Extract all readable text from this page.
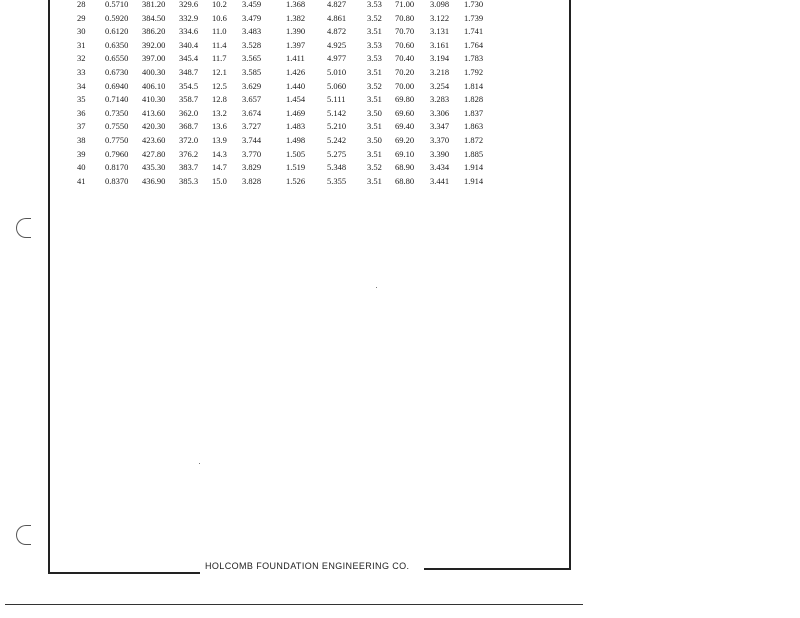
28	0.5710	381.20	329.6	10.2	3.459	1.368	4.827	3.53	71.00	3.098	1.730
29	0.5920	384.50	332.9	10.6	3.479	1.382	4.861	3.52	70.80	3.122	1.739
30	0.6120	386.20	334.6	11.0	3.483	1.390	4.872	3.51	70.70	3.131	1.741
31	0.6350	392.00	340.4	11.4	3.528	1.397	4.925	3.53	70.60	3.161	1.764
32	0.6550	397.00	345.4	11.7	3.565	1.411	4.977	3.53	70.40	3.194	1.783
33	0.6730	400.30	348.7	12.1	3.585	1.426	5.010	3.51	70.20	3.218	1.792
34	0.6940	406.10	354.5	12.5	3.629	1.440	5.060	3.52	70.00	3.254	1.814
35	0.7140	410.30	358.7	12.8	3.657	1.454	5.111	3.51	69.80	3.283	1.828
36	0.7350	413.60	362.0	13.2	3.674	1.469	5.142	3.50	69.60	3.306	1.837
37	0.7550	420.30	368.7	13.6	3.727	1.483	5.210	3.51	69.40	3.347	1.863
38	0.7750	423.60	372.0	13.9	3.744	1.498	5.242	3.50	69.20	3.370	1.872
39	0.7960	427.80	376.2	14.3	3.770	1.505	5.275	3.51	69.10	3.390	1.885
40	0.8170	435.30	383.7	14.7	3.829	1.519	5.348	3.52	68.90	3.434	1.914
41	0.8370	436.90	385.3	15.0	3.828	1.526	5.355	3.51	68.80	3.441	1.914
HOLCOMB FOUNDATION ENGINEERING CO.
